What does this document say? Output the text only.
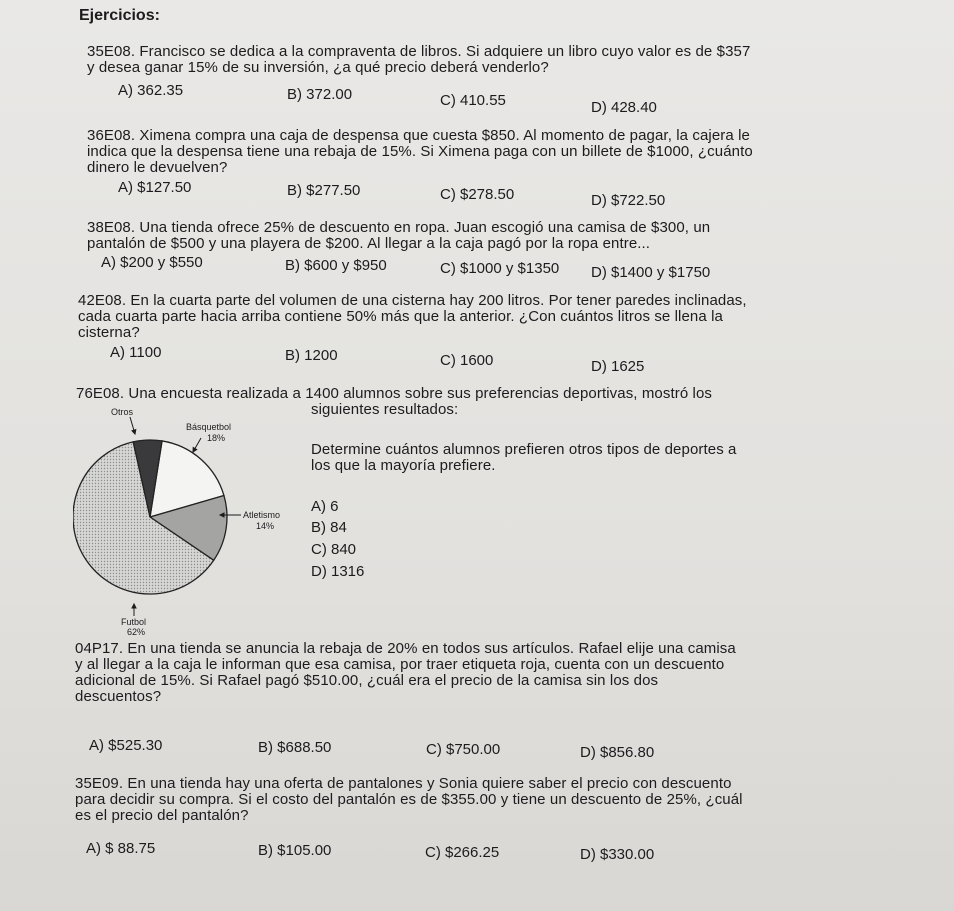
Ejercicios:

35E08. Francisco se dedica a la compraventa de libros. Si adquiere un libro cuyo valor es de $357

y desea ganar 15% de su inversión, ¿a qué precio deberá venderlo?

A) 362.35	B) 372.00	C) 410.55	D) 428.40

36E08. Ximena compra una caja de despensa que cuesta $850. Al momento de pagar, la cajera le

indica que la despensa tiene una rebaja de 15%. Si Ximena paga con un billete de $1000, ¿cuánto

dinero le devuelven?

A) $127.50	B) $277.50	C) $278.50	D) $722.50

38E08. Una tienda ofrece 25% de descuento en ropa. Juan escogió una camisa de $300, un

pantalón de $500 y una playera de $200. Al llegar a la caja pagó por la ropa entre...

A) $200 y $550	B) $600 y $950	C) $1000 y $1350 D) $1400 y $1750

42E08. En la cuarta parte del volumen de una cisterna hay 200 litros. Por tener paredes inclinadas,

cada cuarta parte hacia arriba contiene 50% más que la anterior. ¿Con cuántos litros se llena la

cisterna?

A) 1100	B) 1200	C) 1600	D) 1625

76E08. Una encuesta realizada a 1400 alumnos sobre sus preferencias deportivas, mostró los

siguientes resultados:
Determine cuántos alumnos prefieren otros tipos de deportes a
los que la mayoría prefiere.
A) 6
B) 84
C) 840
D) 1316
Otros
Básquetbol
18%
Atletismo
14%
Futbol
62%

04P17. En una tienda se anuncia la rebaja de 20% en todos sus artículos. Rafael elije una camisa

y al llegar a la caja le informan que esa camisa, por traer etiqueta roja, cuenta con un descuento

adicional de 15%. Si Rafael pagó $510.00, ¿cuál era el precio de la camisa sin los dos

descuentos?

A) $525.30	B) $688.50	C) $750.00	D) $856.80

35E09. En una tienda hay una oferta de pantalones y Sonia quiere saber el precio con descuento

para decidir su compra. Si el costo del pantalón es de $355.00 y tiene un descuento de 25%, ¿cuál

es el precio del pantalón?

A) $ 88.75	B) $105.00	C) $266.25	D) $330.00
